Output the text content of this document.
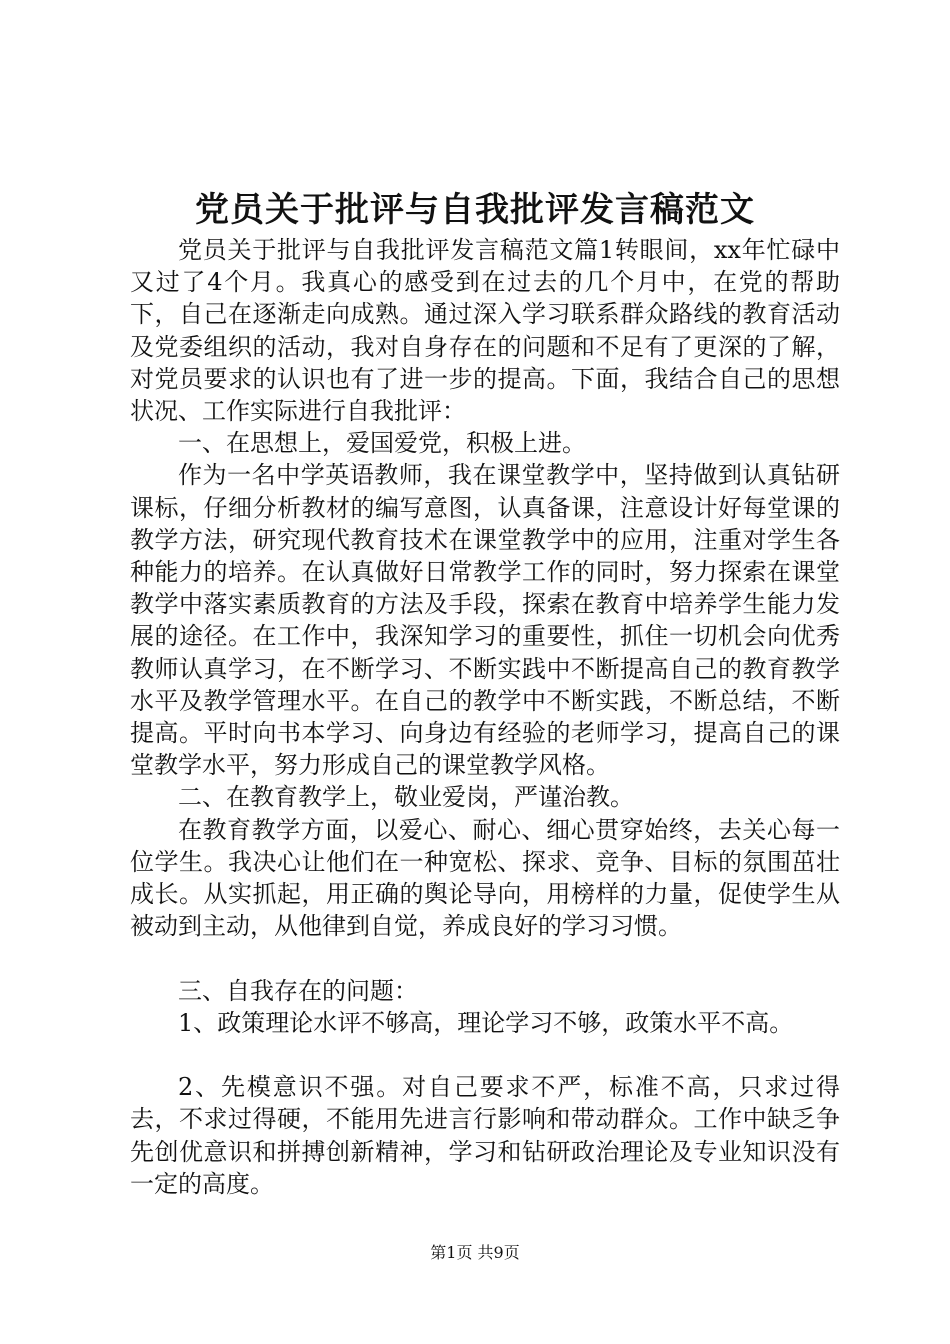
党员关于批评与自我批评发言稿范文

党员关于批评与自我批评发言稿范文篇1转眼间，xx年忙碌中又过了4个月。我真心的感受到在过去的几个月中，在党的帮助下，自己在逐渐走向成熟。通过深入学习联系群众路线的教育活动及党委组织的活动，我对自身存在的问题和不足有了更深的了解，对党员要求的认识也有了进一步的提高。下面，我结合自己的思想状况、工作实际进行自我批评：

一、在思想上，爱国爱党，积极上进。

作为一名中学英语教师，我在课堂教学中，坚持做到认真钻研课标，仔细分析教材的编写意图，认真备课，注意设计好每堂课的教学方法，研究现代教育技术在课堂教学中的应用，注重对学生各种能力的培养。在认真做好日常教学工作的同时，努力探索在课堂教学中落实素质教育的方法及手段，探索在教育中培养学生能力发展的途径。在工作中，我深知学习的重要性，抓住一切机会向优秀教师认真学习，在不断学习、不断实践中不断提高自己的教育教学水平及教学管理水平。在自己的教学中不断实践，不断总结，不断提高。平时向书本学习、向身边有经验的老师学习，提高自己的课堂教学水平，努力形成自己的课堂教学风格。

二、在教育教学上，敬业爱岗，严谨治教。

在教育教学方面，以爱心、耐心、细心贯穿始终，去关心每一位学生。我决心让他们在一种宽松、探求、竞争、目标的氛围茁壮成长。从实抓起，用正确的舆论导向，用榜样的力量，促使学生从被动到主动，从他律到自觉，养成良好的学习习惯。

三、自我存在的问题：

1、政策理论水评不够高，理论学习不够，政策水平不高。

2、先模意识不强。对自己要求不严，标准不高，只求过得去，不求过得硬，不能用先进言行影响和带动群众。工作中缺乏争先创优意识和拼搏创新精神，学习和钻研政治理论及专业知识没有一定的高度。

第1页 共9页
